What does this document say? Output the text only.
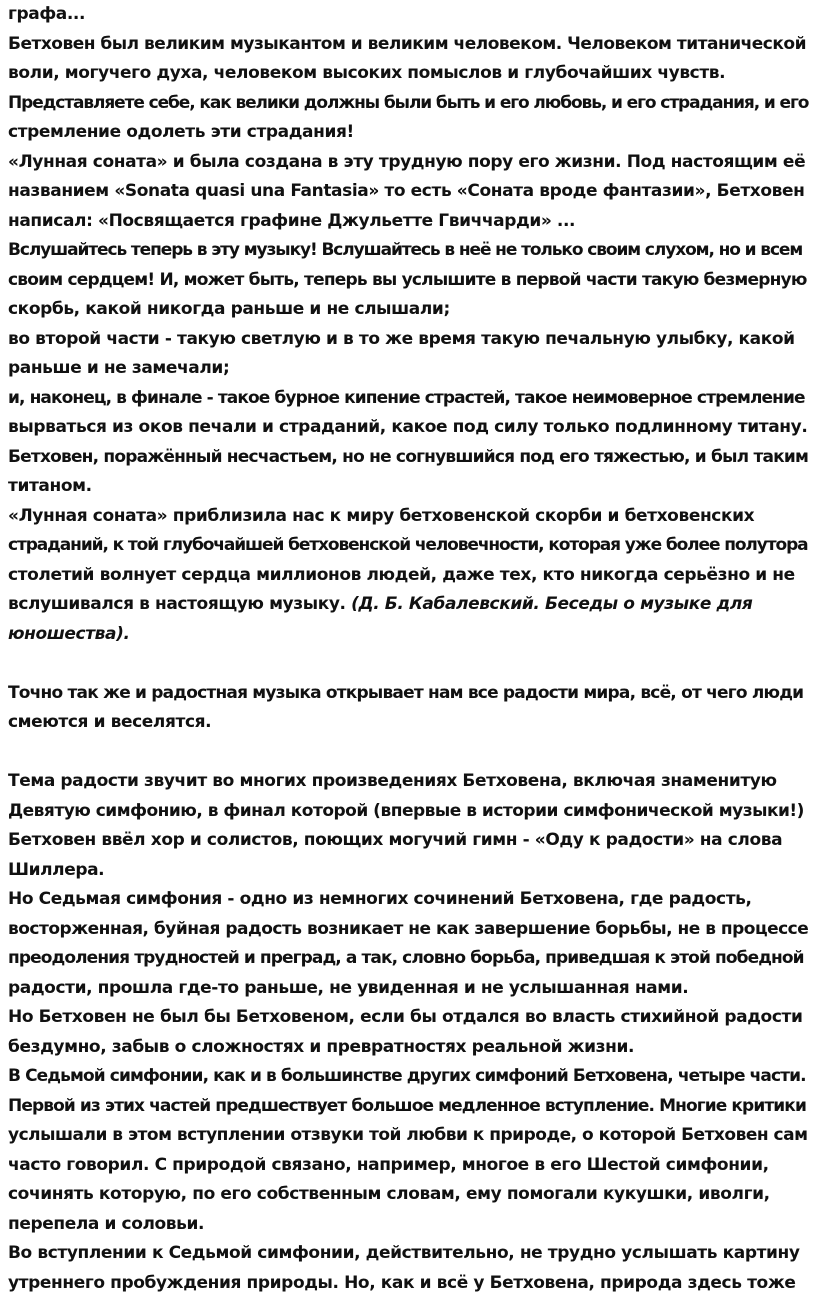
графа...
Бетховен был великим музыкантом и великим человеком. Человеком титанической
воли, могучего духа, человеком высоких помыслов и глубочайших чувств.
Представляете себе, как велики должны были быть и его любовь, и его страдания, и его
стремление одолеть эти страдания!
«Лунная соната» и была создана в эту трудную пору его жизни. Под настоящим её
названием «Sonata quasi una Fantasia» то есть «Соната вроде фантазии», Бетховен
написал: «Посвящается графине Джульетте Гвиччарди» ...
Вслушайтесь теперь в эту музыку! Вслушайтесь в неё не только своим слухом, но и всем
своим сердцем! И, может быть, теперь вы услышите в первой части такую безмерную
скорбь, какой никогда раньше и не слышали;
во второй части - такую светлую и в то же время такую печальную улыбку, какой
раньше и не замечали;
и, наконец, в финале - такое бурное кипение страстей, такое неимоверное стремление
вырваться из оков печали и страданий, какое под силу только подлинному титану.
Бетховен, поражённый несчастьем, но не согнувшийся под его тяжестью, и был таким
титаном.
«Лунная соната» приблизила нас к миру бетховенской скорби и бетховенских
страданий, к той глубочайшей бетховенской человечности, которая уже более полутора
столетий волнует сердца миллионов людей, даже тех, кто никогда серьёзно и не
вслушивался в настоящую музыку. (Д. Б. Кабалевский. Беседы о музыке для
юношества).
Точно так же и радостная музыка открывает нам все радости мира, всё, от чего люди
смеются и веселятся.
Тема радости звучит во многих произведениях Бетховена, включая знаменитую
Девятую симфонию, в финал которой (впервые в истории симфонической музыки!)
Бетховен ввёл хор и солистов, поющих могучий гимн - «Оду к радости» на слова
Шиллера.
Но Седьмая симфония - одно из немногих сочинений Бетховена, где радость,
восторженная, буйная радость возникает не как завершение борьбы, не в процессе
преодоления трудностей и преград, а так, словно борьба, приведшая к этой победной
радости, прошла где-то раньше, не увиденная и не услышанная нами.
Но Бетховен не был бы Бетховеном, если бы отдался во власть стихийной радости
бездумно, забыв о сложностях и превратностях реальной жизни.
В Седьмой симфонии, как и в большинстве других симфоний Бетховена, четыре части.
Первой из этих частей предшествует большое медленное вступление. Многие критики
услышали в этом вступлении отзвуки той любви к природе, о которой Бетховен сам
часто говорил. С природой связано, например, многое в его Шестой симфонии,
сочинять которую, по его собственным словам, ему помогали кукушки, иволги,
перепела и соловьи.
Во вступлении к Седьмой симфонии, действительно, не трудно услышать картину
утреннего пробуждения природы. Но, как и всё у Бетховена, природа здесь тоже
